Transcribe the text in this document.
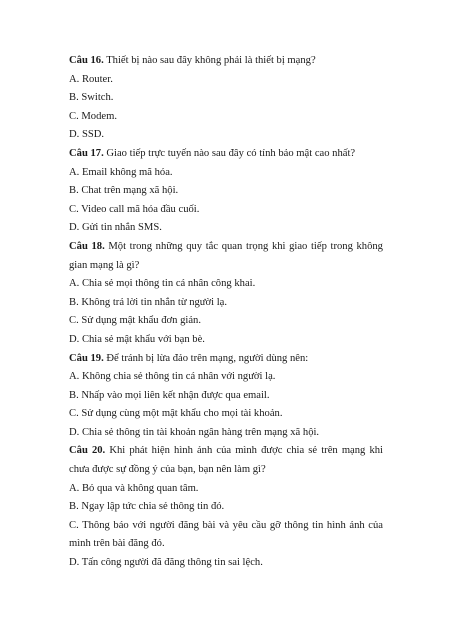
Câu 16. Thiết bị nào sau đây không phải là thiết bị mạng?
A. Router.
B. Switch.
C. Modem.
D. SSD.
Câu 17. Giao tiếp trực tuyến nào sau đây có tính bảo mật cao nhất?
A. Email không mã hóa.
B. Chat trên mạng xã hội.
C. Video call mã hóa đầu cuối.
D. Gửi tin nhắn SMS.
Câu 18. Một trong những quy tắc quan trọng khi giao tiếp trong không gian mạng là gì?
A. Chia sẻ mọi thông tin cá nhân công khai.
B. Không trả lời tin nhắn từ người lạ.
C. Sử dụng mật khẩu đơn giản.
D. Chia sẻ mật khẩu với bạn bè.
Câu 19. Để tránh bị lừa đảo trên mạng, người dùng nên:
A. Không chia sẻ thông tin cá nhân với người lạ.
B. Nhấp vào mọi liên kết nhận được qua email.
C. Sử dụng cùng một mật khẩu cho mọi tài khoản.
D. Chia sẻ thông tin tài khoản ngân hàng trên mạng xã hội.
Câu 20. Khi phát hiện hình ảnh của mình được chia sẻ trên mạng khi chưa được sự đồng ý của bạn, bạn nên làm gì?
A. Bỏ qua và không quan tâm.
B. Ngay lập tức chia sẻ thông tin đó.
C. Thông báo với người đăng bài và yêu cầu gỡ thông tin hình ảnh của mình trên bài đăng đó.
D. Tấn công người đã đăng thông tin sai lệch.
